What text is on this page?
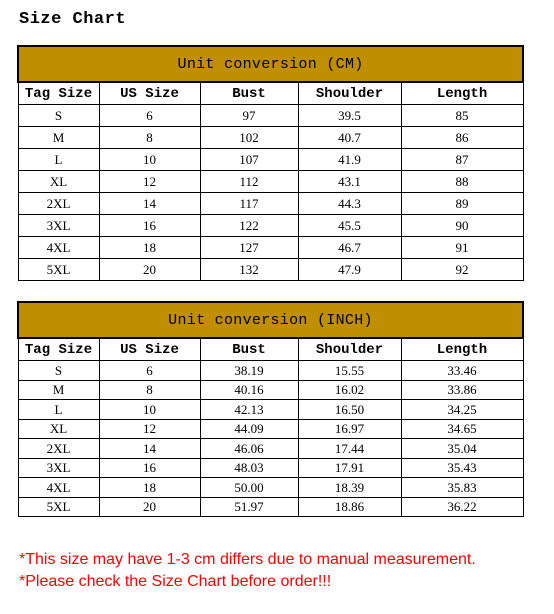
Size Chart
Unit conversion (CM)				
Tag Size	US Size	Bust	Shoulder	Length
S	6	97	39.5	85
M	8	102	40.7	86
L	10	107	41.9	87
XL	12	112	43.1	88
2XL	14	117	44.3	89
3XL	16	122	45.5	90
4XL	18	127	46.7	91
5XL	20	132	47.9	92
Unit conversion (INCH)				
Tag Size	US Size	Bust	Shoulder	Length
S	6	38.19	15.55	33.46
M	8	40.16	16.02	33.86
L	10	42.13	16.50	34.25
XL	12	44.09	16.97	34.65
2XL	14	46.06	17.44	35.04
3XL	16	48.03	17.91	35.43
4XL	18	50.00	18.39	35.83
5XL	20	51.97	18.86	36.22
*This size may have 1-3 cm differs due to manual measurement.
*Please check the Size Chart before order!!!
